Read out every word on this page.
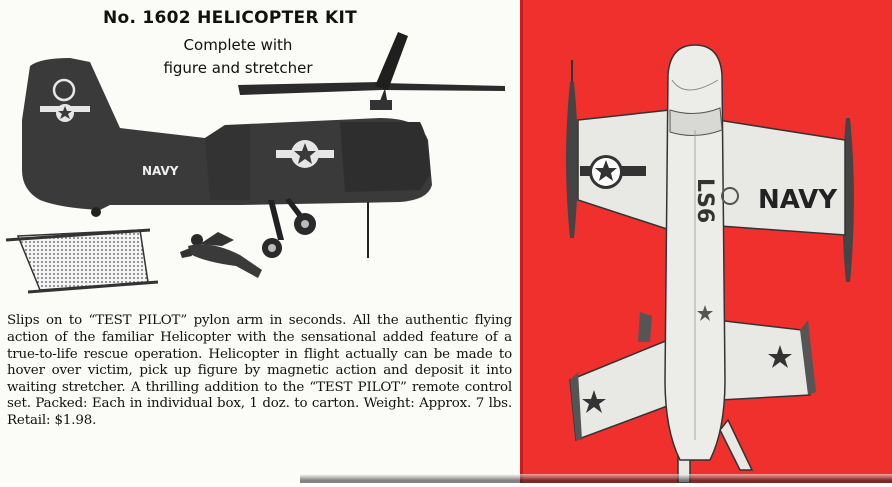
No. 1602 HELICOPTER KIT
Complete with
figure and stretcher
NAVY

Slips on to “TEST PILOT” pylon arm in seconds. All the authentic flying action of the familiar Helicopter with the sensational added feature of a true-to-life rescue operation. Helicopter in flight actually can be made to hover over victim, pick up figure by magnetic action and deposit it into waiting stretcher. A thrilling addition to the “TEST PILOT” remote control set. Packed: Each in individual box, 1 doz. to carton. Weight: Approx. 7 lbs. Retail: $1.98.

LS6 NAVY
